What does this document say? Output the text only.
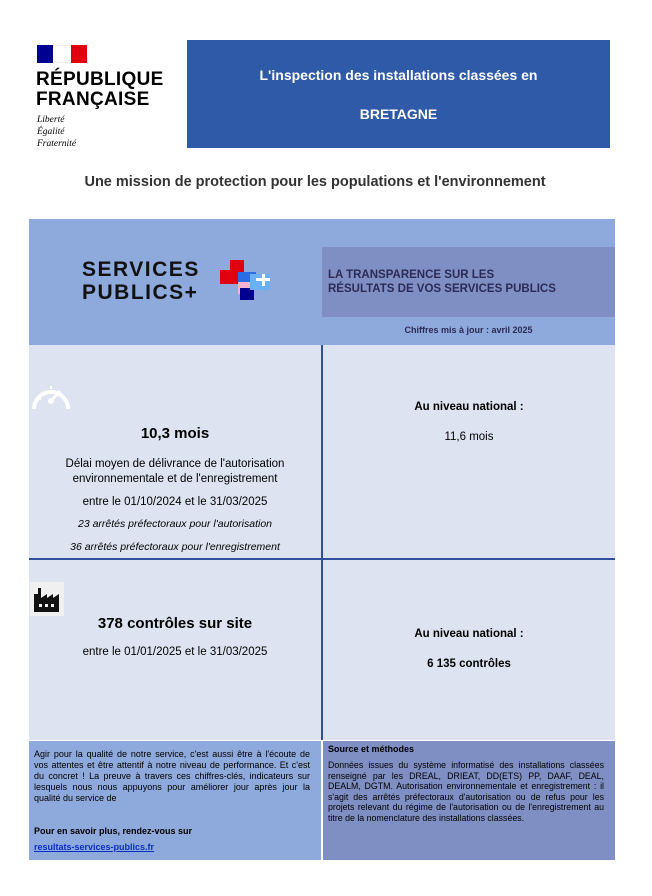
RÉPUBLIQUE
FRANÇAISE
Liberté
Égalité
Fraternité
L'inspection des installations classées en
BRETAGNE
Une mission de protection pour les populations et l'environnement
SERVICES
PUBLICS+
LA TRANSPARENCE SUR LES
RÉSULTATS DE VOS SERVICES PUBLICS
Chiffres mis à jour : avril 2025
10,3 mois
Délai moyen de délivrance de l'autorisation
environnementale et de l'enregistrement
entre le 01/10/2024 et le 31/03/2025
23 arrêtés préfectoraux pour l'autorisation
36 arrêtés préfectoraux pour l'enregistrement
Au niveau national :
11,6 mois
378 contrôles sur site
entre le 01/01/2025 et le 31/03/2025
Au niveau national :
6 135 contrôles
Agir pour la qualité de notre service, c'est aussi être à l'écoute de vos attentes et être attentif à notre niveau de performance. Et c'est du concret ! La preuve à travers ces chiffres-clés, indicateurs sur lesquels nous nous appuyons pour améliorer jour après jour la qualité du service de
Pour en savoir plus, rendez-vous sur
resultats-services-publics.fr
Source et méthodes
Données issues du système informatisé des installations classées renseigné par les DREAL, DRIEAT, DD(ETS) PP, DAAF, DEAL, DEALM, DGTM. Autorisation environnementale et enregistrement : il s'agit des arrêtés préfectoraux d'autorisation ou de refus pour les projets relevant du régime de l'autorisation ou de l'enregistrement au titre de la nomenclature des installations classées.
